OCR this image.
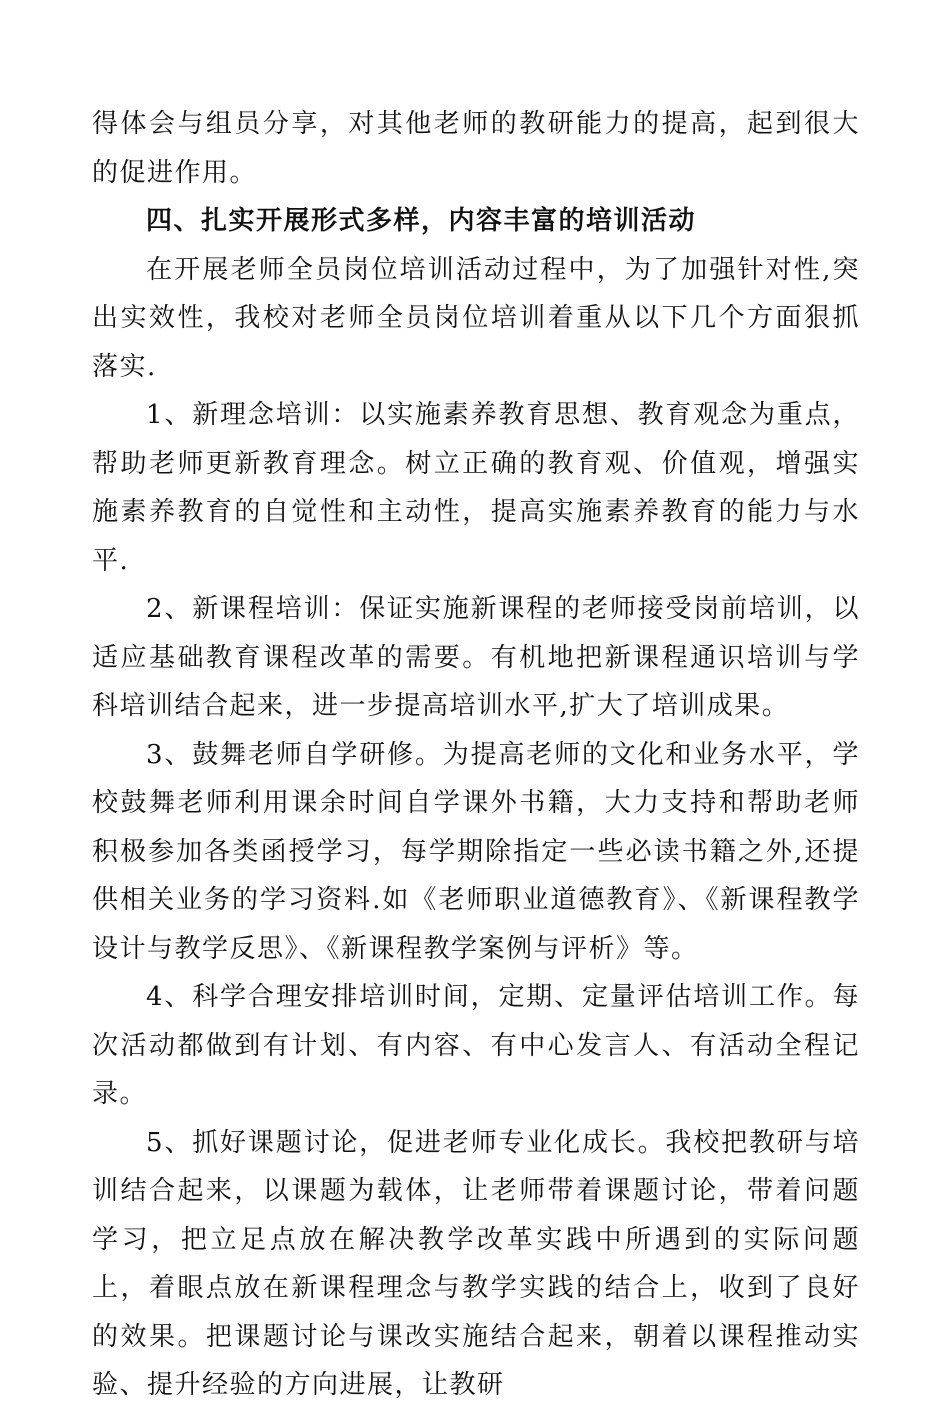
得体会与组员分享，对其他老师的教研能力的提高，起到很大的促进作用。

四、扎实开展形式多样，内容丰富的培训活动

在开展老师全员岗位培训活动过程中，为了加强针对性,突出实效性，我校对老师全员岗位培训着重从以下几个方面狠抓落实.

1、新理念培训：以实施素养教育思想、教育观念为重点，帮助老师更新教育理念。树立正确的教育观、价值观，增强实施素养教育的自觉性和主动性，提高实施素养教育的能力与水平.

2、新课程培训：保证实施新课程的老师接受岗前培训，以适应基础教育课程改革的需要。有机地把新课程通识培训与学科培训结合起来，进一步提高培训水平,扩大了培训成果。

3、鼓舞老师自学研修。为提高老师的文化和业务水平，学校鼓舞老师利用课余时间自学课外书籍，大力支持和帮助老师积极参加各类函授学习，每学期除指定一些必读书籍之外,还提供相关业务的学习资料.如《老师职业道德教育》、《新课程教学设计与教学反思》、《新课程教学案例与评析》等。

4、科学合理安排培训时间，定期、定量评估培训工作。每次活动都做到有计划、有内容、有中心发言人、有活动全程记录。

5、抓好课题讨论，促进老师专业化成长。我校把教研与培训结合起来，以课题为载体，让老师带着课题讨论，带着问题学习，把立足点放在解决教学改革实践中所遇到的实际问题上，着眼点放在新课程理念与教学实践的结合上，收到了良好的效果。把课题讨论与课改实施结合起来，朝着以课程推动实验、提升经验的方向进展，让教研
